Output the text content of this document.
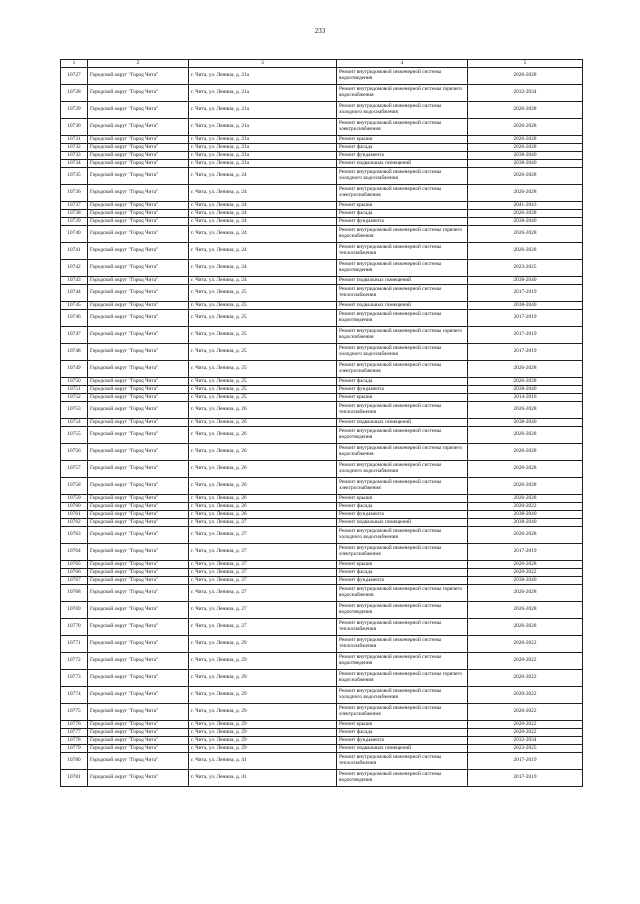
233
1	2	3	4	5
10727	Городской округ "Город Чита"	г. Чита, ул. Ленина, д. 21а	Ремонт внутридомовой инженерной системы водоотведения	2026-2028
10728	Городской округ "Город Чита"	г. Чита, ул. Ленина, д. 21а	Ремонт внутридомовой инженерной системы горячего водоснабжения	2032-2034
10729	Городской округ "Город Чита"	г. Чита, ул. Ленина, д. 21а	Ремонт внутридомовой инженерной системы холодного водоснабжения	2026-2028
10730	Городской округ "Город Чита"	г. Чита, ул. Ленина, д. 21а	Ремонт внутридомовой инженерной системы электроснабжения	2026-2028
10731	Городской округ "Город Чита"	г. Чита, ул. Ленина, д. 21а	Ремонт крыши	2026-2028
10732	Городской округ "Город Чита"	г. Чита, ул. Ленина, д. 21а	Ремонт фасада	2026-2028
10733	Городской округ "Город Чита"	г. Чита, ул. Ленина, д. 21а	Ремонт фундамента	2038-2040
10734	Городской округ "Город Чита"	г. Чита, ул. Ленина, д. 21а	Ремонт подвальных помещений	2038-2040
10735	Городской округ "Город Чита"	г. Чита, ул. Ленина, д. 24	Ремонт внутридомовой инженерной системы холодного водоснабжения	2026-2028
10736	Городской округ "Город Чита"	г. Чита, ул. Ленина, д. 24	Ремонт внутридомовой инженерной системы электроснабжения	2026-2028
10737	Городской округ "Город Чита"	г. Чита, ул. Ленина, д. 24	Ремонт крыши	2041-2043
10738	Городской округ "Город Чита"	г. Чита, ул. Ленина, д. 24	Ремонт фасада	2026-2028
10739	Городской округ "Город Чита"	г. Чита, ул. Ленина, д. 24	Ремонт фундамента	2038-2040
10740	Городской округ "Город Чита"	г. Чита, ул. Ленина, д. 24	Ремонт внутридомовой инженерной системы горячего водоснабжения	2026-2028
10741	Городской округ "Город Чита"	г. Чита, ул. Ленина, д. 24	Ремонт внутридомовой инженерной системы теплоснабжения	2026-2028
10742	Городской округ "Город Чита"	г. Чита, ул. Ленина, д. 24	Ремонт внутридомовой инженерной системы водоотведения	2023-2025
10743	Городской округ "Город Чита"	г. Чита, ул. Ленина, д. 24	Ремонт подвальных помещений	2038-2040
10744	Городской округ "Город Чита"	г. Чита, ул. Ленина, д. 25	Ремонт внутридомовой инженерной системы теплоснабжения	2017-2019
10745	Городской округ "Город Чита"	г. Чита, ул. Ленина, д. 25	Ремонт подвальных помещений	2038-2040
10746	Городской округ "Город Чита"	г. Чита, ул. Ленина, д. 25	Ремонт внутридомовой инженерной системы водоотведения	2017-2019
10747	Городской округ "Город Чита"	г. Чита, ул. Ленина, д. 25	Ремонт внутридомовой инженерной системы горячего водоснабжения	2017-2019
10748	Городской округ "Город Чита"	г. Чита, ул. Ленина, д. 25	Ремонт внутридомовой инженерной системы холодного водоснабжения	2017-2019
10749	Городской округ "Город Чита"	г. Чита, ул. Ленина, д. 25	Ремонт внутридомовой инженерной системы электроснабжения	2026-2028
10750	Городской округ "Город Чита"	г. Чита, ул. Ленина, д. 25	Ремонт фасада	2026-2028
10751	Городской округ "Город Чита"	г. Чита, ул. Ленина, д. 25	Ремонт фундамента	2038-2040
10752	Городской округ "Город Чита"	г. Чита, ул. Ленина, д. 25	Ремонт крыши	2014-2016
10753	Городской округ "Город Чита"	г. Чита, ул. Ленина, д. 26	Ремонт внутридомовой инженерной системы теплоснабжения	2026-2028
10754	Городской округ "Город Чита"	г. Чита, ул. Ленина, д. 26	Ремонт подвальных помещений	2038-2040
10755	Городской округ "Город Чита"	г. Чита, ул. Ленина, д. 26	Ремонт внутридомовой инженерной системы водоотведения	2026-2028
10756	Городской округ "Город Чита"	г. Чита, ул. Ленина, д. 26	Ремонт внутридомовой инженерной системы горячего водоснабжения	2026-2028
10757	Городской округ "Город Чита"	г. Чита, ул. Ленина, д. 26	Ремонт внутридомовой инженерной системы холодного водоснабжения	2026-2028
10758	Городской округ "Город Чита"	г. Чита, ул. Ленина, д. 26	Ремонт внутридомовой инженерной системы электроснабжения	2026-2028
10759	Городской округ "Город Чита"	г. Чита, ул. Ленина, д. 26	Ремонт крыши	2026-2028
10760	Городской округ "Город Чита"	г. Чита, ул. Ленина, д. 26	Ремонт фасада	2020-2022
10761	Городской округ "Город Чита"	г. Чита, ул. Ленина, д. 26	Ремонт фундамента	2038-2040
10762	Городской округ "Город Чита"	г. Чита, ул. Ленина, д. 27	Ремонт подвальных помещений	2038-2040
10763	Городской округ "Город Чита"	г. Чита, ул. Ленина, д. 27	Ремонт внутридомовой инженерной системы холодного водоснабжения	2026-2028
10764	Городской округ "Город Чита"	г. Чита, ул. Ленина, д. 27	Ремонт внутридомовой инженерной системы электроснабжения	2017-2019
10765	Городской округ "Город Чита"	г. Чита, ул. Ленина, д. 27	Ремонт крыши	2026-2028
10766	Городской округ "Город Чита"	г. Чита, ул. Ленина, д. 27	Ремонт фасада	2020-2022
10767	Городской округ "Город Чита"	г. Чита, ул. Ленина, д. 27	Ремонт фундамента	2038-2040
10768	Городской округ "Город Чита"	г. Чита, ул. Ленина, д. 27	Ремонт внутридомовой инженерной системы горячего водоснабжения	2026-2028
10769	Городской округ "Город Чита"	г. Чита, ул. Ленина, д. 27	Ремонт внутридомовой инженерной системы водоотведения	2026-2028
10770	Городской округ "Город Чита"	г. Чита, ул. Ленина, д. 27	Ремонт внутридомовой инженерной системы теплоснабжения	2026-2028
10771	Городской округ "Город Чита"	г. Чита, ул. Ленина, д. 29	Ремонт внутридомовой инженерной системы теплоснабжения	2020-2022
10772	Городской округ "Город Чита"	г. Чита, ул. Ленина, д. 29	Ремонт внутридомовой инженерной системы водоотведения	2020-2022
10773	Городской округ "Город Чита"	г. Чита, ул. Ленина, д. 29	Ремонт внутридомовой инженерной системы горячего водоснабжения	2020-2022
10774	Городской округ "Город Чита"	г. Чита, ул. Ленина, д. 29	Ремонт внутридомовой инженерной системы холодного водоснабжения	2020-2022
10775	Городской округ "Город Чита"	г. Чита, ул. Ленина, д. 29	Ремонт внутридомовой инженерной системы электроснабжения	2020-2022
10776	Городской округ "Город Чита"	г. Чита, ул. Ленина, д. 29	Ремонт крыши	2020-2022
10777	Городской округ "Город Чита"	г. Чита, ул. Ленина, д. 29	Ремонт фасада	2020-2022
10778	Городской округ "Город Чита"	г. Чита, ул. Ленина, д. 29	Ремонт фундамента	2032-2034
10779	Городской округ "Город Чита"	г. Чита, ул. Ленина, д. 29	Ремонт подвальных помещений	2023-2025
10780	Городской округ "Город Чита"	г. Чита, ул. Ленина, д. 41	Ремонт внутридомовой инженерной системы теплоснабжения	2017-2019
10781	Городской округ "Город Чита"	г. Чита, ул. Ленина, д. 41	Ремонт внутридомовой инженерной системы водоотведения	2017-2019
